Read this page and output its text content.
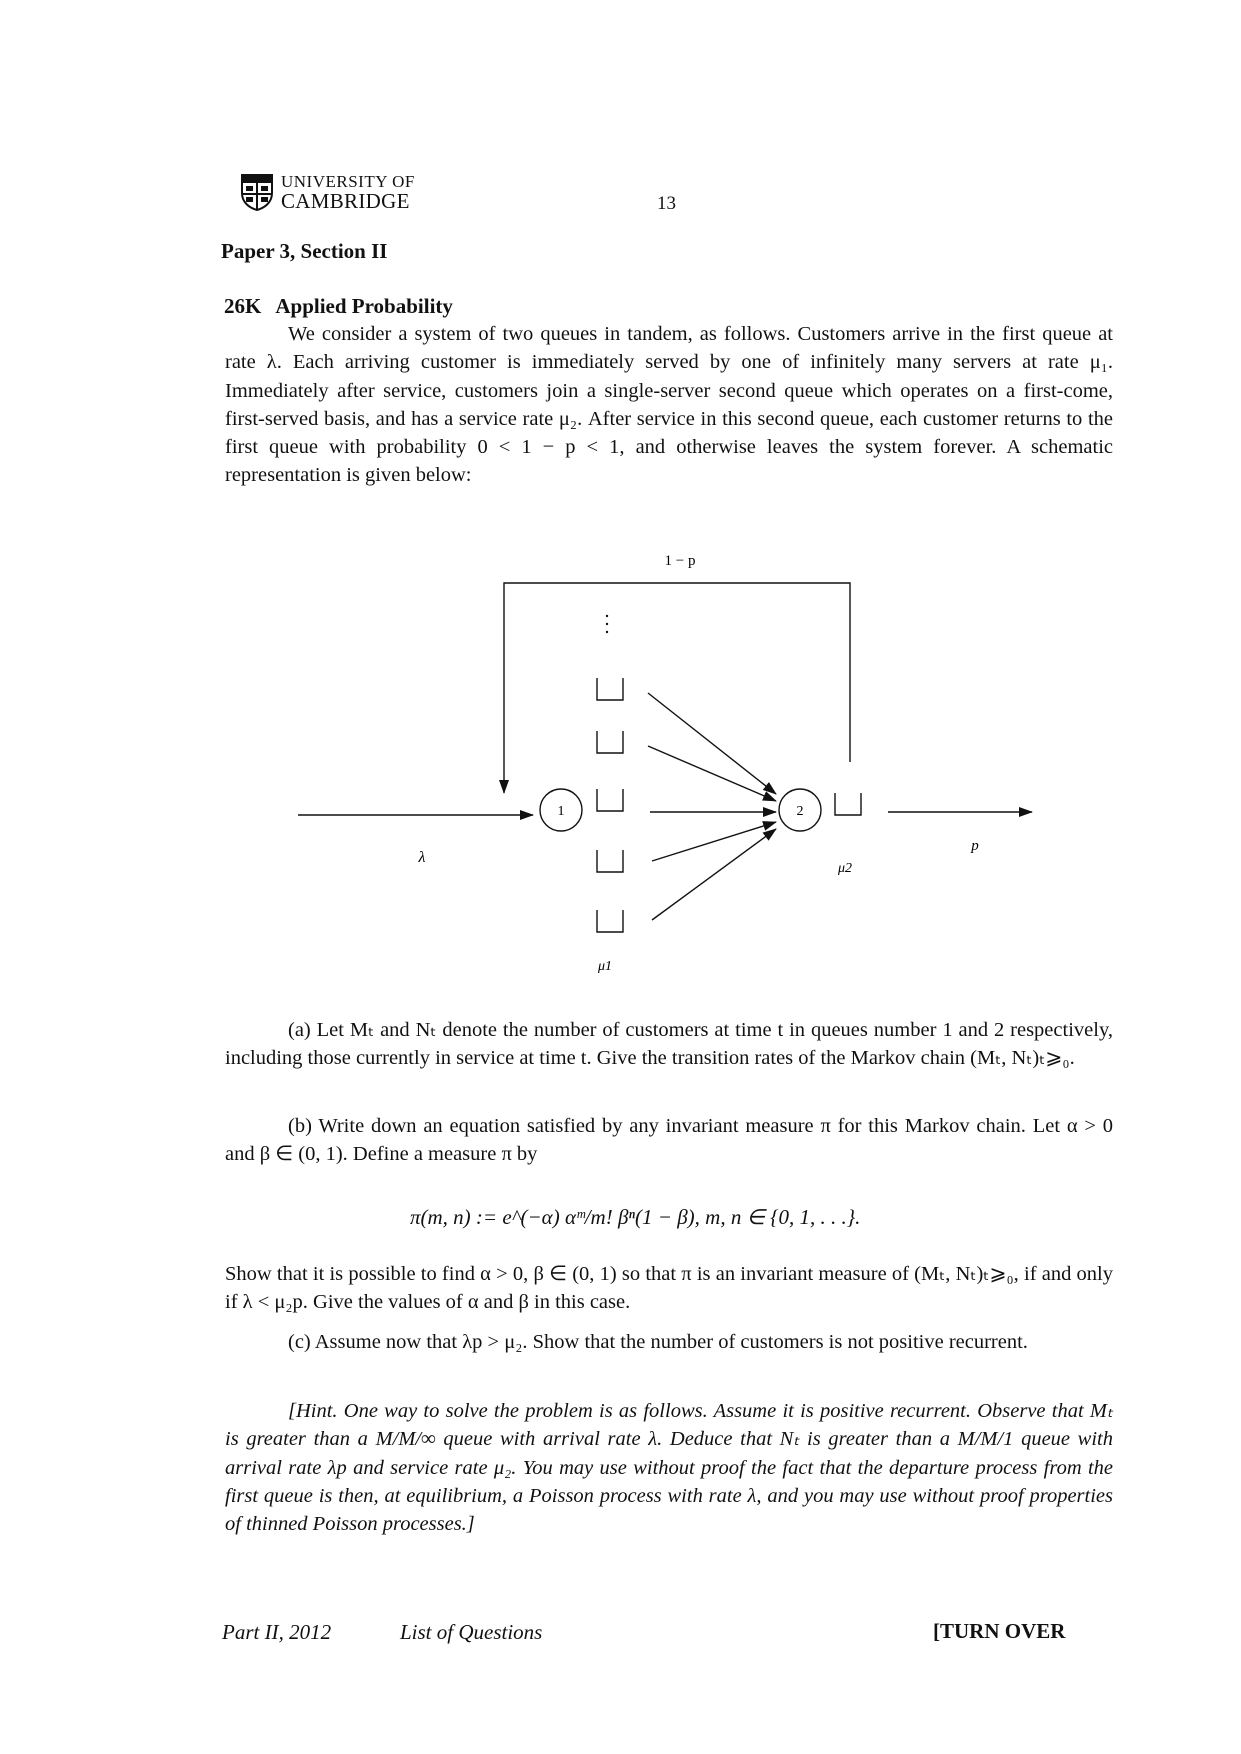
UNIVERSITY OF
CAMBRIDGE	13
Paper 3, Section II
26K Applied Probability
We consider a system of two queues in tandem, as follows. Customers arrive in the first queue at rate λ. Each arriving customer is immediately served by one of infinitely many servers at rate μ₁. Immediately after service, customers join a single-server second queue which operates on a first-come, first-served basis, and has a service rate μ₂. After service in this second queue, each customer returns to the first queue with probability 0 < 1 − p < 1, and otherwise leaves the system forever. A schematic representation is given below:
1 − p
λ
1	2
μ1
μ2
p
(a) Let Mₜ and Nₜ denote the number of customers at time t in queues number 1 and 2 respectively, including those currently in service at time t. Give the transition rates of the Markov chain (Mₜ, Nₜ)ₜ⩾₀.
(b) Write down an equation satisfied by any invariant measure π for this Markov chain. Let α > 0 and β ∈ (0, 1). Define a measure π by
π(m, n) := e^(−α) αᵐ/m! βⁿ(1 − β), m, n ∈ {0, 1, . . .}.
Show that it is possible to find α > 0, β ∈ (0, 1) so that π is an invariant measure of (Mₜ, Nₜ)ₜ⩾₀, if and only if λ < μ₂p. Give the values of α and β in this case.
(c) Assume now that λp > μ₂. Show that the number of customers is not positive recurrent.
[Hint. One way to solve the problem is as follows. Assume it is positive recurrent. Observe that Mₜ is greater than a M/M/∞ queue with arrival rate λ. Deduce that Nₜ is greater than a M/M/1 queue with arrival rate λp and service rate μ₂. You may use without proof the fact that the departure process from the first queue is then, at equilibrium, a Poisson process with rate λ, and you may use without proof properties of thinned Poisson processes.]
Part II, 2012	List of Questions	[TURN OVER
